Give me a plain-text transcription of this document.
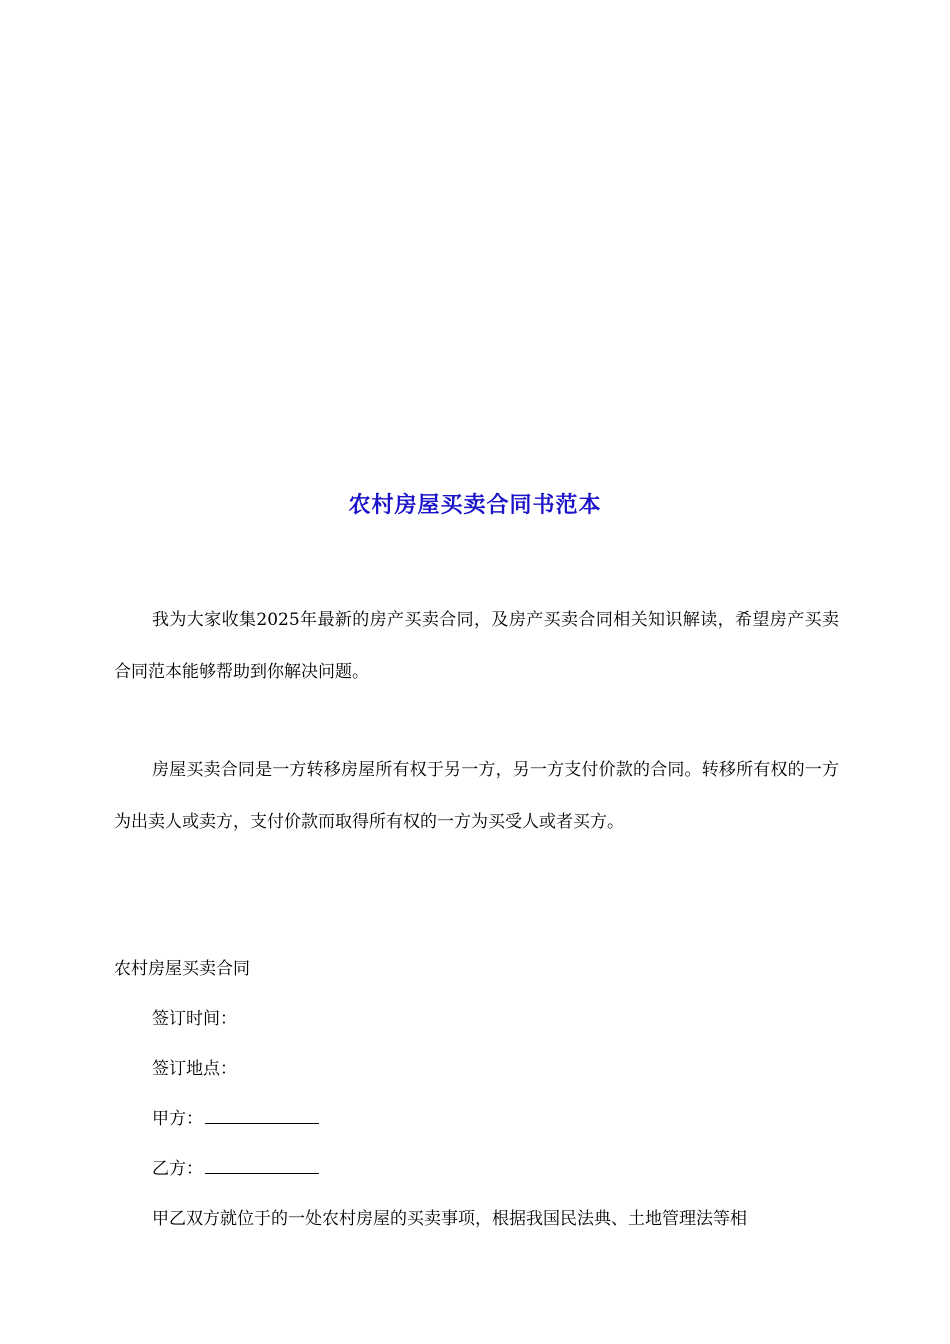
农村房屋买卖合同书范本
我为大家收集2025年最新的房产买卖合同，及房产买卖合同相关知识解读，希望房产买卖合同范本能够帮助到你解决问题。
房屋买卖合同是一方转移房屋所有权于另一方，另一方支付价款的合同。转移所有权的一方为出卖人或卖方，支付价款而取得所有权的一方为买受人或者买方。
农村房屋买卖合同
签订时间：
签订地点：
甲方：
乙方：
甲乙双方就位于的一处农村房屋的买卖事项，根据我国民法典、土地管理法等相
